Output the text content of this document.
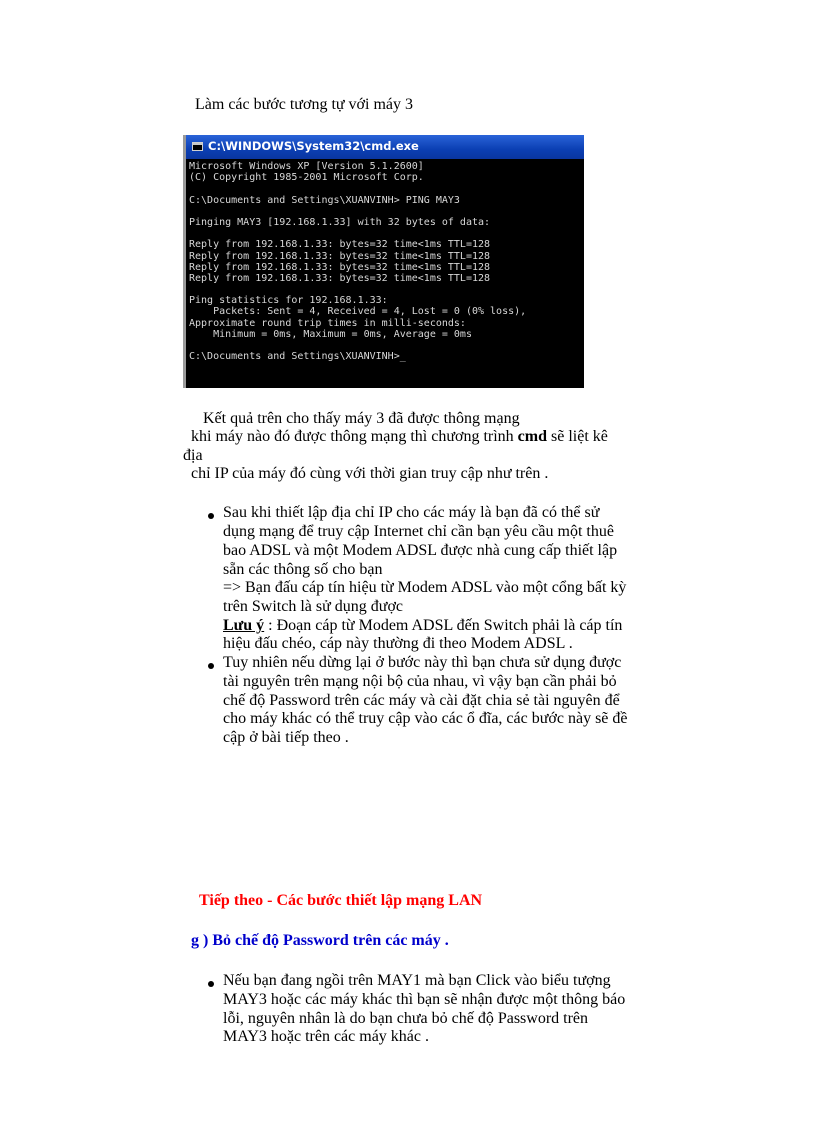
Làm các bước tương tự với máy 3
C:\WINDOWS\System32\cmd.exe
Microsoft Windows XP [Version 5.1.2600]
(C) Copyright 1985-2001 Microsoft Corp.
C:\Documents and Settings\XUANVINH> PING MAY3
Pinging MAY3 [192.168.1.33] with 32 bytes of data:
Reply from 192.168.1.33: bytes=32 time<1ms TTL=128
Reply from 192.168.1.33: bytes=32 time<1ms TTL=128
Reply from 192.168.1.33: bytes=32 time<1ms TTL=128
Reply from 192.168.1.33: bytes=32 time<1ms TTL=128
Ping statistics for 192.168.1.33:
Packets: Sent = 4, Received = 4, Lost = 0 (0% loss),
Approximate round trip times in milli-seconds:
Minimum = 0ms, Maximum = 0ms, Average = 0ms
C:\Documents and Settings\XUANVINH>_
Kết quả trên cho thấy máy 3 đã được thông mạng
khi máy nào đó được thông mạng thì chương trình cmd sẽ liệt kê
địa
chỉ IP của máy đó cùng với thời gian truy cập như trên .
Sau khi thiết lập địa chỉ IP cho các máy là bạn đã có thể sử
dụng mạng để truy cập Internet chỉ cần bạn yêu cầu một thuê
bao ADSL và một Modem ADSL được nhà cung cấp thiết lập
sẵn các thông số cho bạn
=> Bạn đấu cáp tín hiệu từ Modem ADSL vào một cổng bất kỳ
trên Switch là sử dụng được
Lưu ý : Đoạn cáp từ Modem ADSL đến Switch phải là cáp tín
hiệu đấu chéo, cáp này thường đi theo Modem ADSL .
Tuy nhiên nếu dừng lại ở bước này thì bạn chưa sử dụng được
tài nguyên trên mạng nội bộ của nhau, vì vậy bạn cần phải bỏ
chế độ Password trên các máy và cài đặt chia sẻ tài nguyên để
cho máy khác có thể truy cập vào các ổ đĩa, các bước này sẽ đề
cập ở bài tiếp theo .
Tiếp theo - Các bước thiết lập mạng LAN
g ) Bỏ chế độ Password trên các máy .
Nếu bạn đang ngồi trên MAY1 mà bạn Click vào biểu tượng
MAY3 hoặc các máy khác thì bạn sẽ nhận được một thông báo
lỗi, nguyên nhân là do bạn chưa bỏ chế độ Password trên
MAY3 hoặc trên các máy khác .
